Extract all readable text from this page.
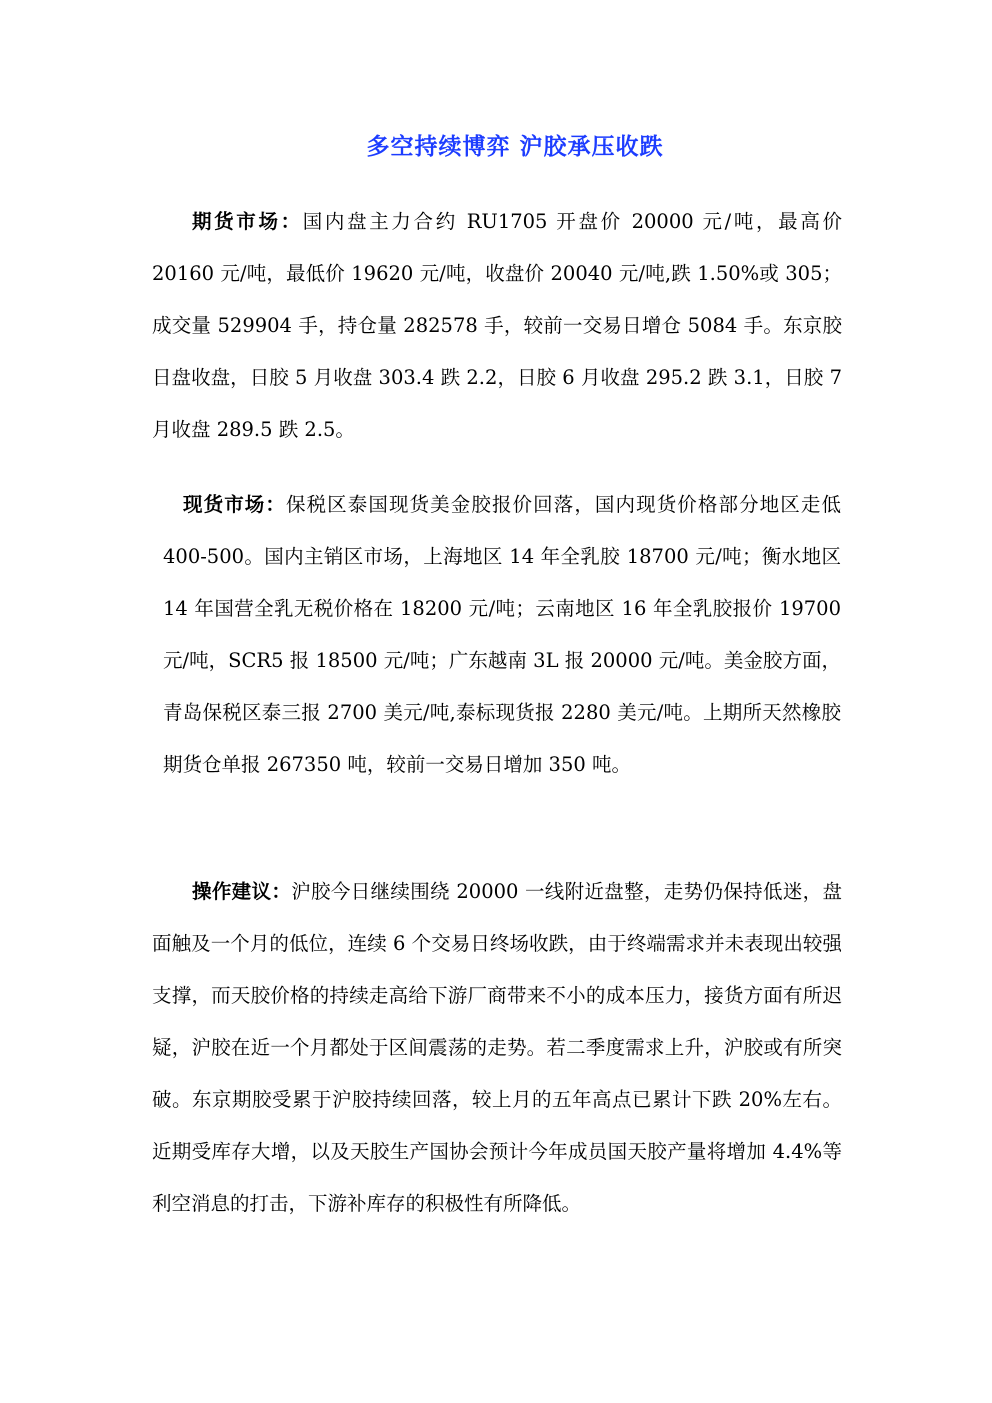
多空持续博弈 沪胶承压收跌
期货市场：国内盘主力合约 RU1705 开盘价 20000 元/吨，最高价 20160 元/吨，最低价 19620 元/吨，收盘价 20040 元/吨,跌 1.50%或 305；成交量 529904 手，持仓量 282578 手，较前一交易日增仓 5084 手。东京胶日盘收盘，日胶 5 月收盘 303.4 跌 2.2，日胶 6 月收盘 295.2 跌 3.1，日胶 7 月收盘 289.5 跌 2.5。
现货市场：保税区泰国现货美金胶报价回落，国内现货价格部分地区走低 400-500。国内主销区市场，上海地区 14 年全乳胶 18700 元/吨；衡水地区 14 年国营全乳无税价格在 18200 元/吨；云南地区 16 年全乳胶报价 19700 元/吨，SCR5 报 18500 元/吨；广东越南 3L 报 20000 元/吨。美金胶方面，青岛保税区泰三报 2700 美元/吨,泰标现货报 2280 美元/吨。上期所天然橡胶期货仓单报 267350 吨，较前一交易日增加 350 吨。
操作建议：沪胶今日继续围绕 20000 一线附近盘整，走势仍保持低迷，盘面触及一个月的低位，连续 6 个交易日终场收跌，由于终端需求并未表现出较强支撑，而天胶价格的持续走高给下游厂商带来不小的成本压力，接货方面有所迟疑，沪胶在近一个月都处于区间震荡的走势。若二季度需求上升，沪胶或有所突破。东京期胶受累于沪胶持续回落，较上月的五年高点已累计下跌 20%左右。近期受库存大增，以及天胶生产国协会预计今年成员国天胶产量将增加 4.4%等利空消息的打击，下游补库存的积极性有所降低。
